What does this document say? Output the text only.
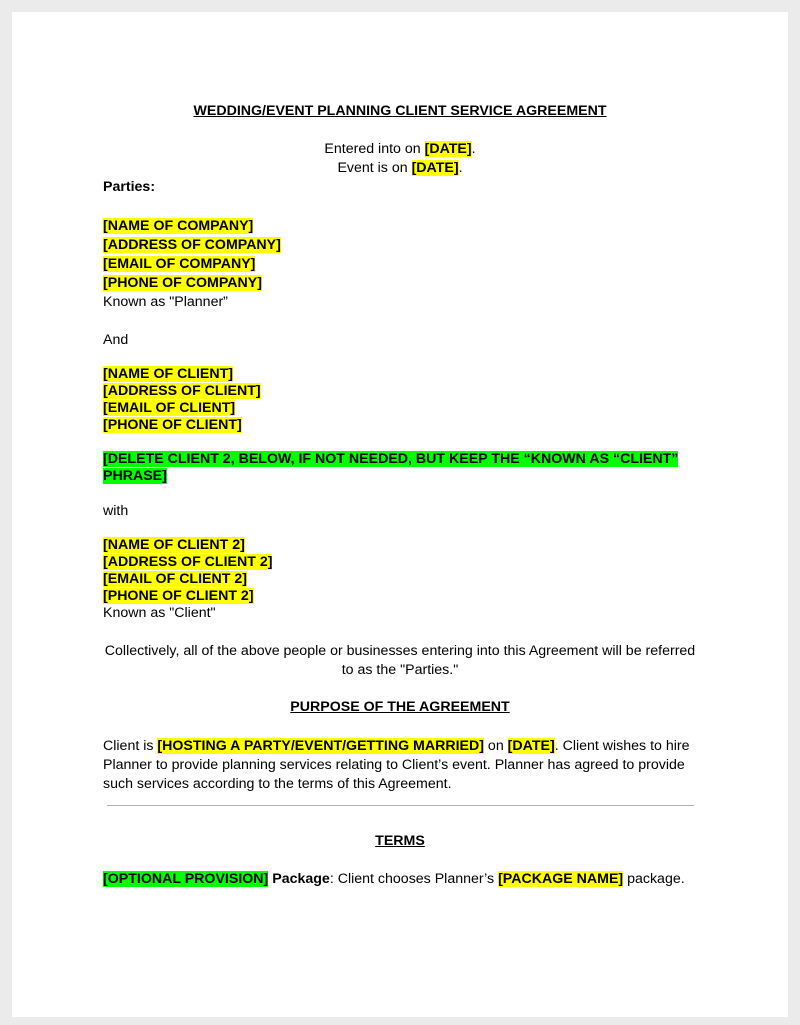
WEDDING/EVENT PLANNING CLIENT SERVICE AGREEMENT
Entered into on [DATE].
Event is on [DATE].
Parties:
[NAME OF COMPANY]
[ADDRESS OF COMPANY]
[EMAIL OF COMPANY]
[PHONE OF COMPANY]
Known as "Planner”
And
[NAME OF CLIENT]
[ADDRESS OF CLIENT]
[EMAIL OF CLIENT]
[PHONE OF CLIENT]
[DELETE CLIENT 2, BELOW, IF NOT NEEDED, BUT KEEP THE “KNOWN AS “CLIENT”
PHRASE]
with
[NAME OF CLIENT 2]
[ADDRESS OF CLIENT 2]
[EMAIL OF CLIENT 2]
[PHONE OF CLIENT 2]
Known as "Client"
Collectively, all of the above people or businesses entering into this Agreement will be referred
to as the "Parties."
PURPOSE OF THE AGREEMENT
Client is [HOSTING A PARTY/EVENT/GETTING MARRIED] on [DATE]. Client wishes to hire
Planner to provide planning services relating to Client’s event. Planner has agreed to provide
such services according to the terms of this Agreement.
TERMS
[OPTIONAL PROVISION] Package: Client chooses Planner’s [PACKAGE NAME] package.
